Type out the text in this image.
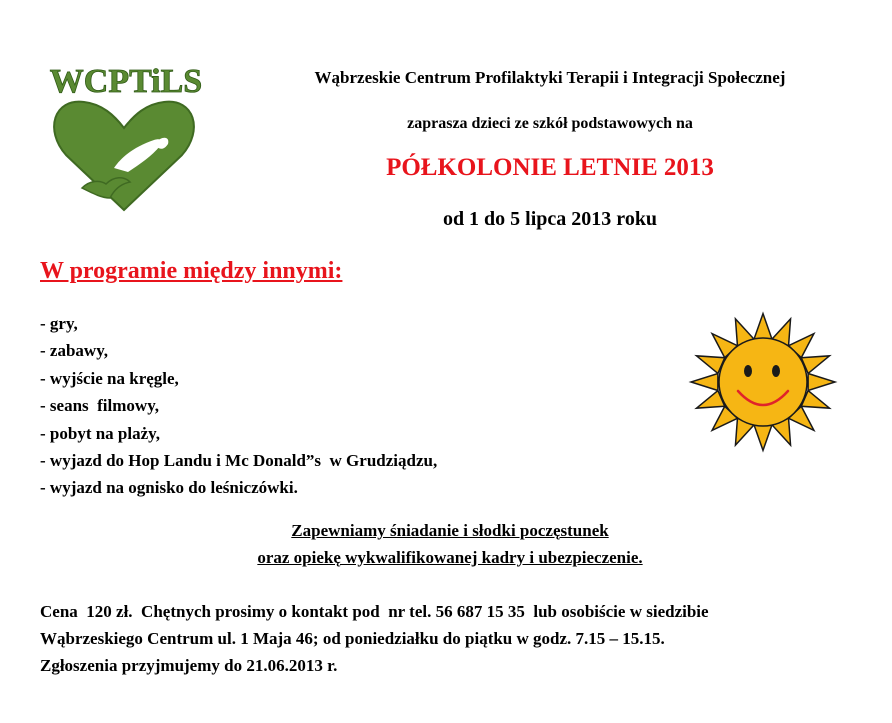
WCPTiLS	Wąbrzeskie Centrum Profilaktyki Terapii i Integracji Społecznej
zaprasza dzieci ze szkół podstawowych na
PÓŁKOLONIE LETNIE 2013
od 1 do 5 lipca 2013 roku
W programie między innymi:
- gry,
- zabawy,
- wyjście na kręgle,
- seans  filmowy,
- pobyt na plaży,
- wyjazd do Hop Landu i Mc Donald”s  w Grudziądzu,
- wyjazd na ognisko do leśniczówki.
Zapewniamy śniadanie i słodki poczęstunek
oraz opiekę wykwalifikowanej kadry i ubezpieczenie.
Cena  120 zł.  Chętnych prosimy o kontakt pod  nr tel. 56 687 15 35  lub osobiście w siedzibie
Wąbrzeskiego Centrum ul. 1 Maja 46; od poniedziałku do piątku w godz. 7.15 – 15.15.
Zgłoszenia przyjmujemy do 21.06.2013 r.
